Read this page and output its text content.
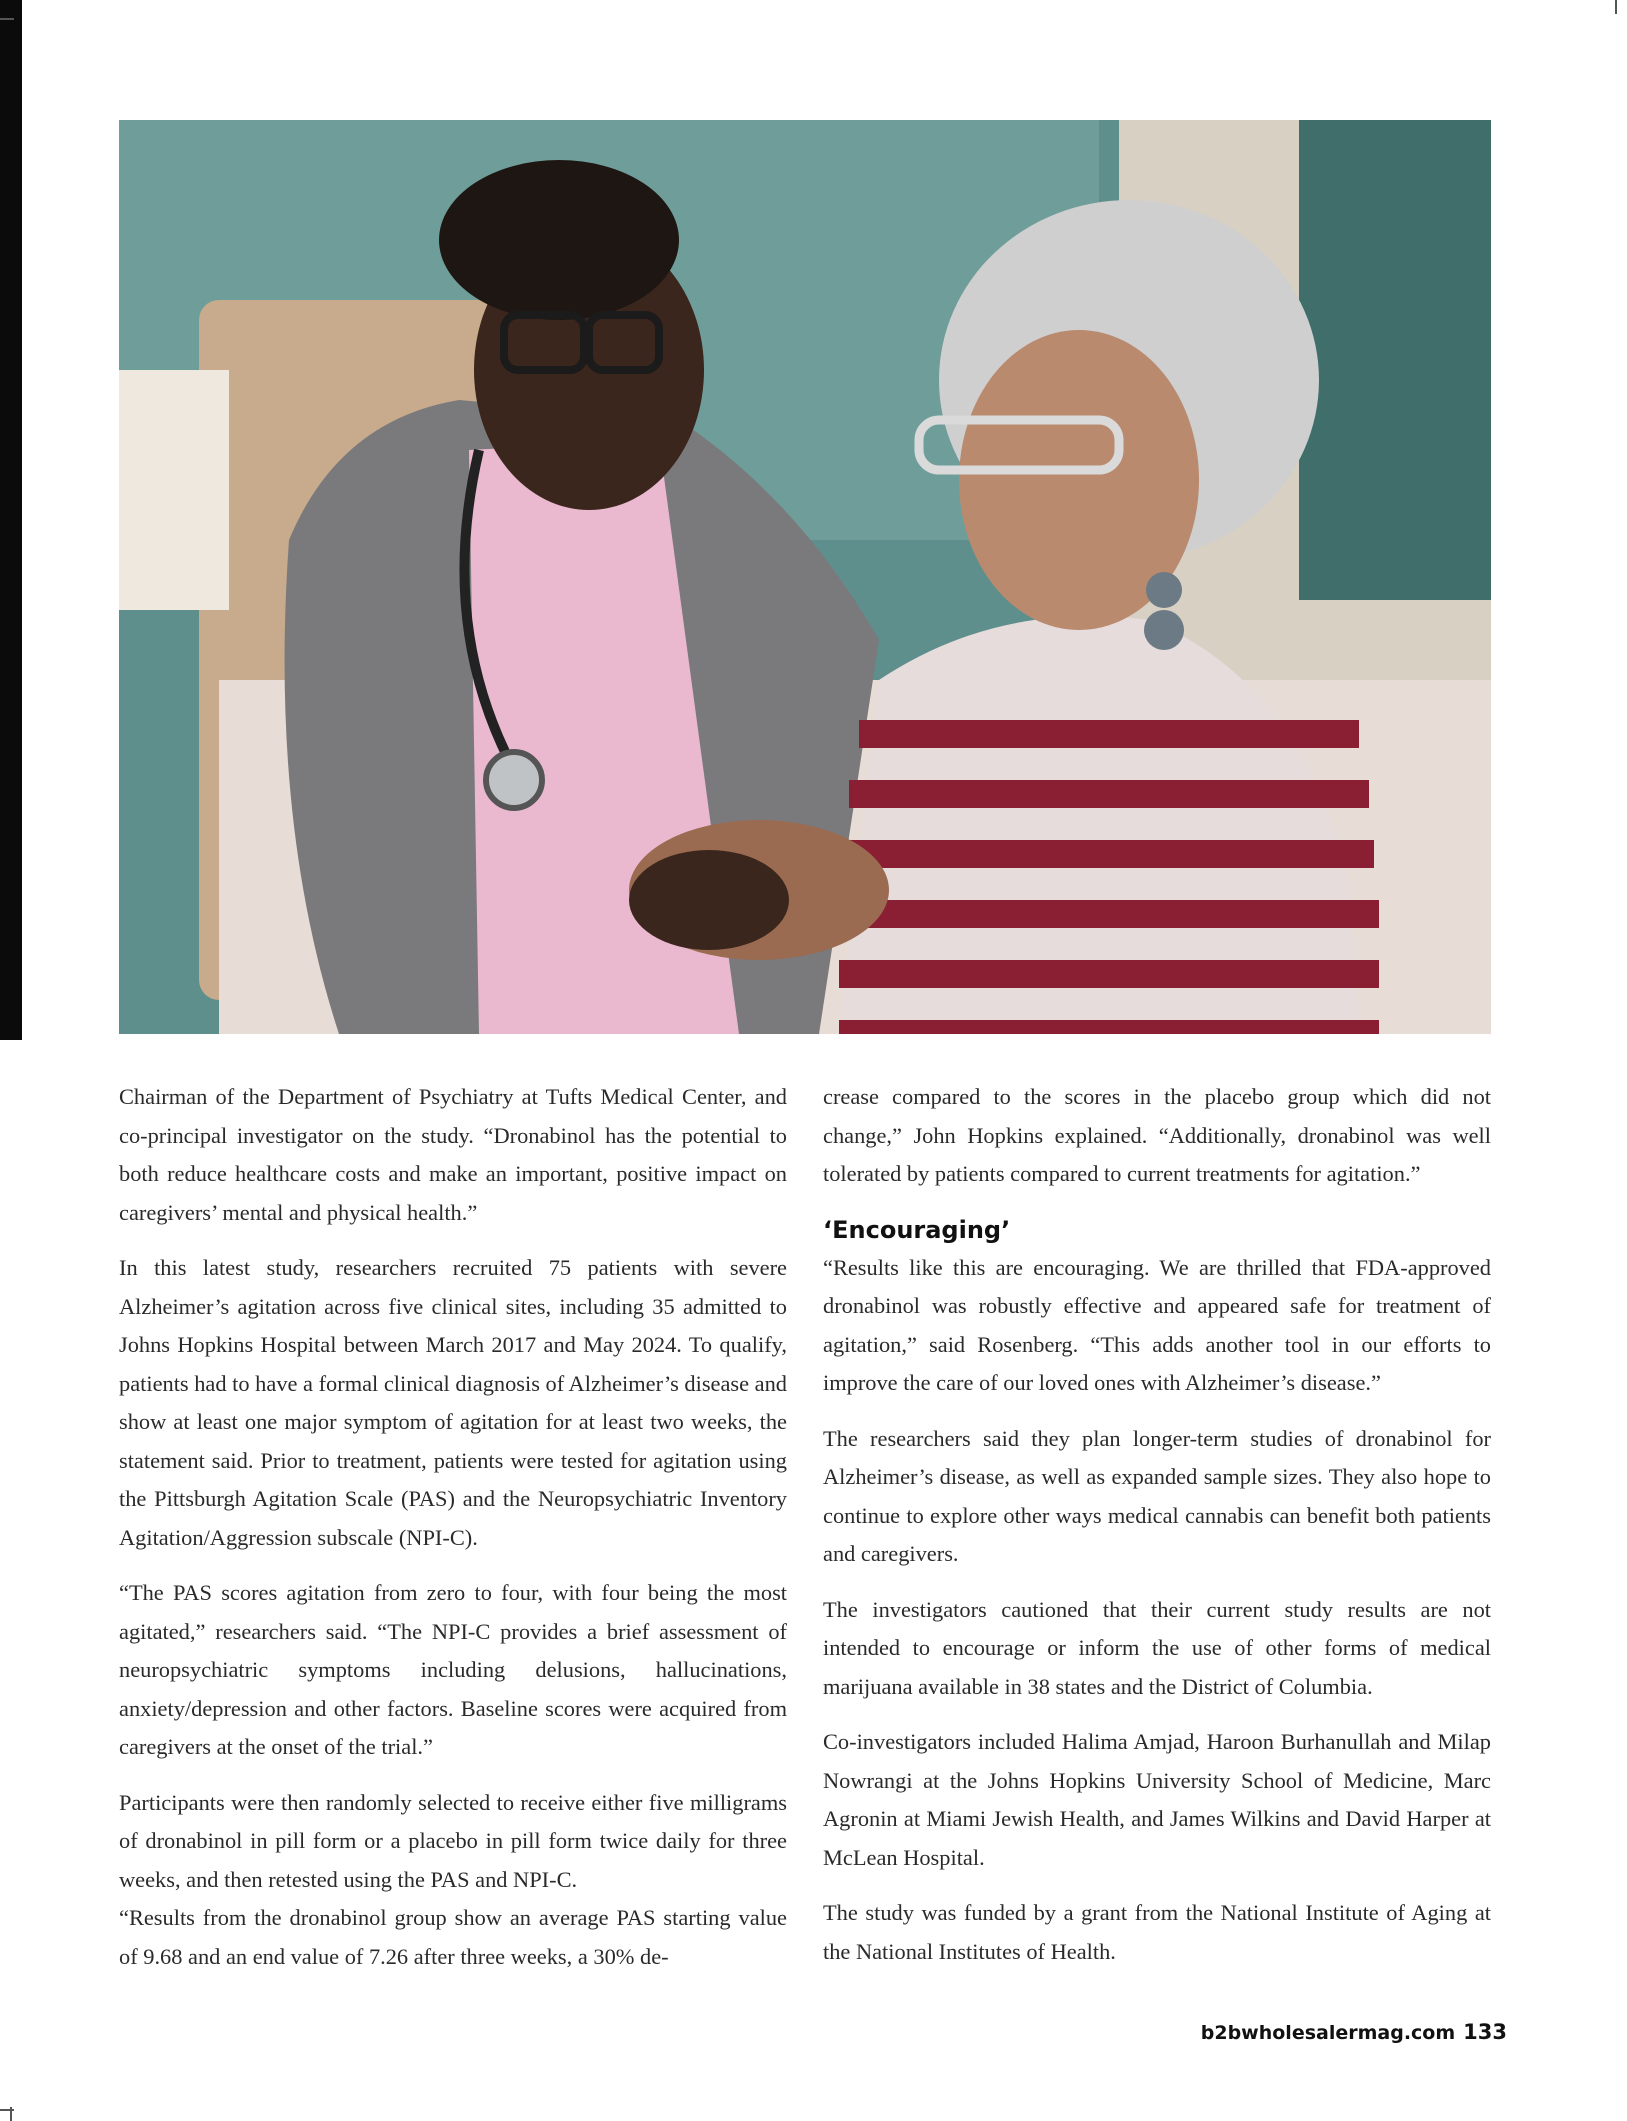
Chairman of the Department of Psychiatry at Tufts Medical Center, and co-principal investigator on the study. “Dronabinol has the potential to both reduce healthcare costs and make an important, positive impact on caregivers’ mental and physical health.”

In this latest study, researchers recruited 75 patients with severe Alzheimer’s agitation across five clinical sites, including 35 admitted to Johns Hopkins Hospital between March 2017 and May 2024. To qualify, patients had to have a formal clinical diagnosis of Alzheimer’s disease and show at least one major symptom of agitation for at least two weeks, the statement said. Prior to treatment, patients were tested for agitation using the Pittsburgh Agitation Scale (PAS) and the Neuropsychiatric Inventory Agitation/Aggression subscale (NPI-C).

“The PAS scores agitation from zero to four, with four being the most agitated,” researchers said. “The NPI-C provides a brief assessment of neuropsychiatric symptoms including delusions, hallucinations, anxiety/depression and other factors. Baseline scores were acquired from caregivers at the onset of the trial.”

Participants were then randomly selected to receive either five milligrams of dronabinol in pill form or a placebo in pill form twice daily for three weeks, and then retested using the PAS and NPI-C.

“Results from the dronabinol group show an average PAS starting value of 9.68 and an end value of 7.26 after three weeks, a 30% de-

crease compared to the scores in the placebo group which did not change,” John Hopkins explained. “Additionally, dronabinol was well tolerated by patients compared to current treatments for agitation.”

‘Encouraging’

“Results like this are encouraging. We are thrilled that FDA-approved dronabinol was robustly effective and appeared safe for treatment of agitation,” said Rosenberg. “This adds another tool in our efforts to improve the care of our loved ones with Alzheimer’s disease.”

The researchers said they plan longer-term studies of dronabinol for Alzheimer’s disease, as well as expanded sample sizes. They also hope to continue to explore other ways medical cannabis can benefit both patients and caregivers.

The investigators cautioned that their current study results are not intended to encourage or inform the use of other forms of medical marijuana available in 38 states and the District of Columbia.

Co-investigators included Halima Amjad, Haroon Burhanullah and Milap Nowrangi at the Johns Hopkins University School of Medicine, Marc Agronin at Miami Jewish Health, and James Wilkins and David Harper at McLean Hospital.

The study was funded by a grant from the National Institute of Aging at the National Institutes of Health.

b2bwholesalermag.com 133
